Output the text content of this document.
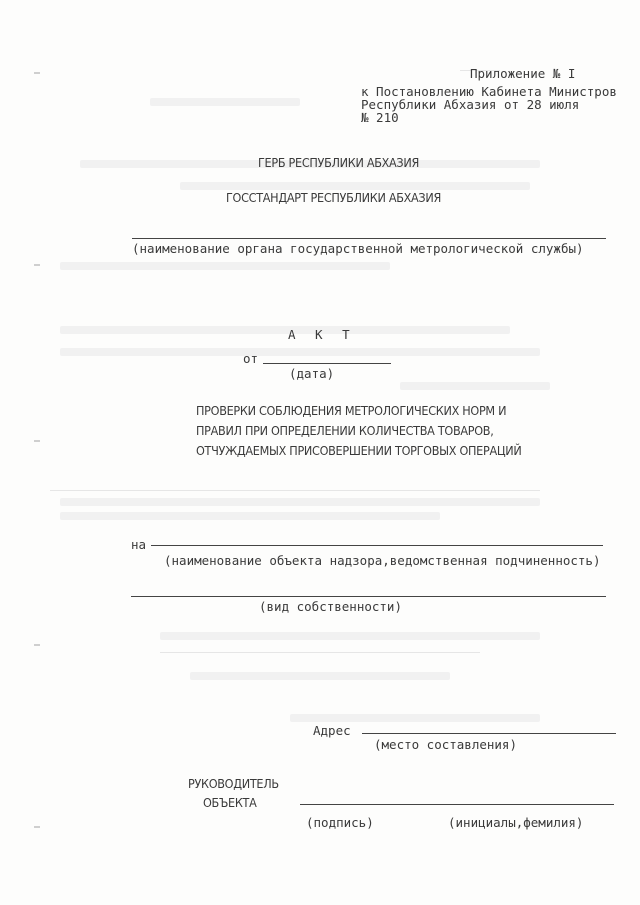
Приложение № I
к Постановлению Кабинета Министров
Республики Абхазия от 28 июля
№ 210
ГЕРБ РЕСПУБЛИКИ АБХАЗИЯ
ГОССТАНДАРТ РЕСПУБЛИКИ АБХАЗИЯ
(наименование органа государственной метрологической службы)
А К Т
от
(дата)
ПРОВЕРКИ СОБЛЮДЕНИЯ МЕТРОЛОГИЧЕСКИХ НОРМ И
ПРАВИЛ ПРИ ОПРЕДЕЛЕНИИ КОЛИЧЕСТВА ТОВАРОВ,
ОТЧУЖДАЕМЫХ ПРИСОВЕРШЕНИИ ТОРГОВЫХ ОПЕРАЦИЙ
на
(наименование объекта надзора,ведомственная подчиненность)
(вид собственности)
Адрес
(место составления)
РУКОВОДИТЕЛЬ
ОБЪЕКТА
(подпись)	(инициалы,фемилия)
